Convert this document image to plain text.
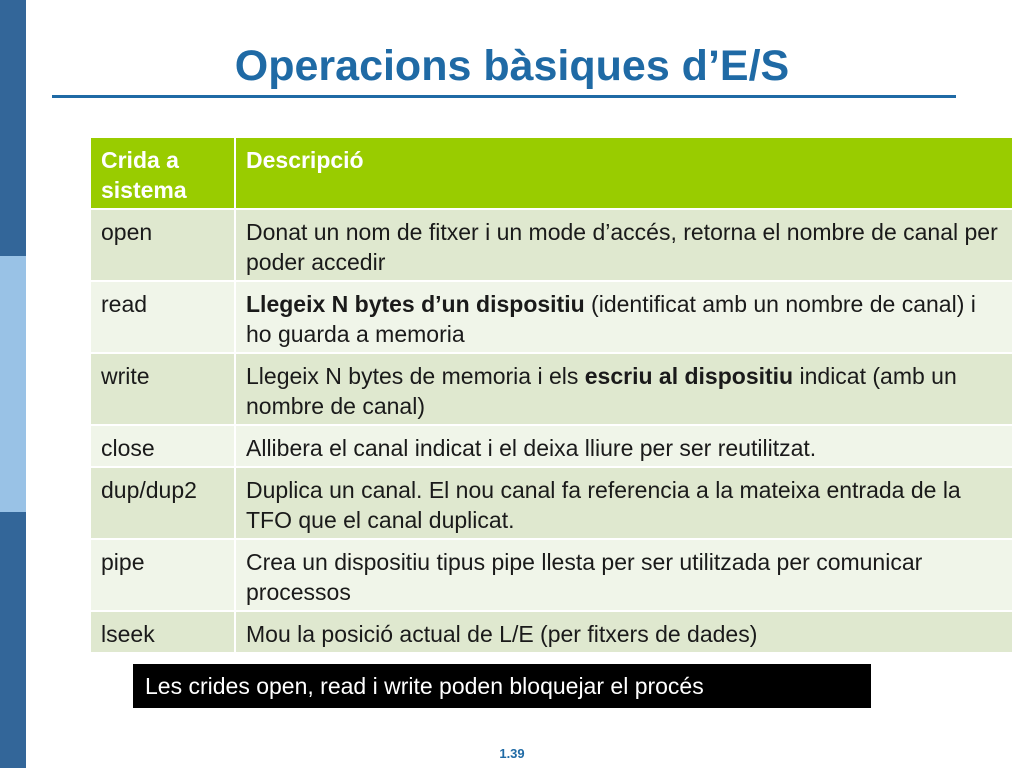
Operacions bàsiques d’E/S
Crida a sistema	Descripció
open	Donat un nom de fitxer i un mode d’accés, retorna el nombre de canal per poder accedir
read	Llegeix N bytes d’un dispositiu (identificat amb un nombre de canal) i ho guarda a memoria
write	Llegeix N bytes de memoria i els escriu al dispositiu indicat (amb un nombre de canal)
close	Allibera el canal indicat i el deixa lliure per ser reutilitzat.
dup/dup2	Duplica un canal. El nou canal fa referencia a la mateixa entrada de la TFO que el canal duplicat.
pipe	Crea un dispositiu tipus pipe llesta per ser utilitzada per comunicar processos
lseek	Mou la posició actual de L/E (per fitxers de dades)
Les crides open, read i write poden bloquejar el procés
1.39
